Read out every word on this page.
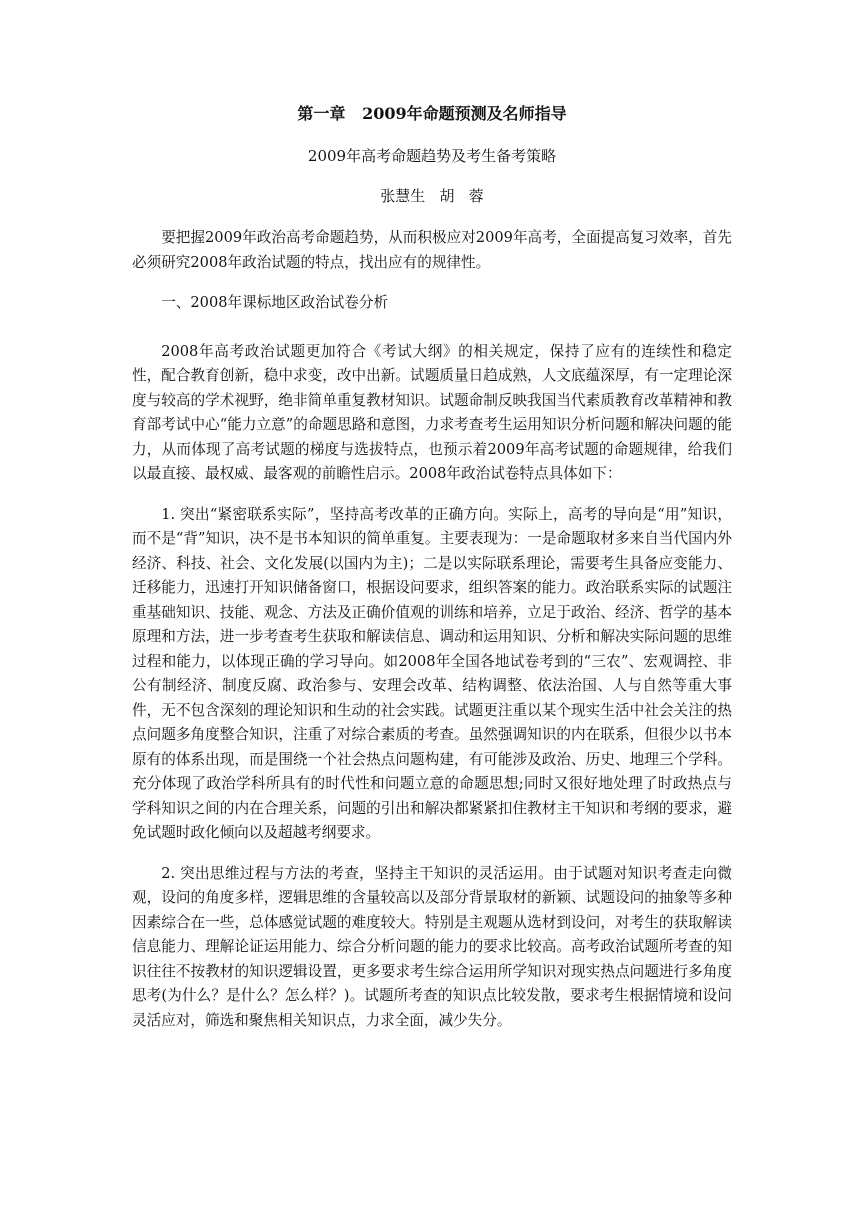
第一章   2009年命题预测及名师指导
2009年高考命题趋势及考生备考策略
张慧生   胡   蓉

要把握2009年政治高考命题趋势，从而积极应对2009年高考，全面提高复习效率，首先必须研究2008年政治试题的特点，找出应有的规律性。

一、2008年课标地区政治试卷分析

2008年高考政治试题更加符合《考试大纲》的相关规定，保持了应有的连续性和稳定性，配合教育创新，稳中求变，改中出新。试题质量日趋成熟，人文底蕴深厚，有一定理论深度与较高的学术视野，绝非简单重复教材知识。试题命制反映我国当代素质教育改革精神和教育部考试中心“能力立意”的命题思路和意图，力求考查考生运用知识分析问题和解决问题的能力，从而体现了高考试题的梯度与选拔特点，也预示着2009年高考试题的命题规律，给我们以最直接、最权威、最客观的前瞻性启示。2008年政治试卷特点具体如下：

1. 突出“紧密联系实际”，坚持高考改革的正确方向。实际上，高考的导向是“用”知识，而不是“背”知识，决不是书本知识的简单重复。主要表现为：一是命题取材多来自当代国内外经济、科技、社会、文化发展(以国内为主)；二是以实际联系理论，需要考生具备应变能力、迁移能力，迅速打开知识储备窗口，根据设问要求，组织答案的能力。政治联系实际的试题注重基础知识、技能、观念、方法及正确价值观的训练和培养，立足于政治、经济、哲学的基本原理和方法，进一步考查考生获取和解读信息、调动和运用知识、分析和解决实际问题的思维过程和能力，以体现正确的学习导向。如2008年全国各地试卷考到的“三农”、宏观调控、非公有制经济、制度反腐、政治参与、安理会改革、结构调整、依法治国、人与自然等重大事件，无不包含深刻的理论知识和生动的社会实践。试题更注重以某个现实生活中社会关注的热点问题多角度整合知识，注重了对综合素质的考查。虽然强调知识的内在联系，但很少以书本原有的体系出现，而是围绕一个社会热点问题构建，有可能涉及政治、历史、地理三个学科。充分体现了政治学科所具有的时代性和问题立意的命题思想;同时又很好地处理了时政热点与学科知识之间的内在合理关系，问题的引出和解决都紧紧扣住教材主干知识和考纲的要求，避免试题时政化倾向以及超越考纲要求。

2. 突出思维过程与方法的考查，坚持主干知识的灵活运用。由于试题对知识考查走向微观，设问的角度多样，逻辑思维的含量较高以及部分背景取材的新颖、试题设问的抽象等多种因素综合在一些，总体感觉试题的难度较大。特别是主观题从选材到设问，对考生的获取解读信息能力、理解论证运用能力、综合分析问题的能力的要求比较高。高考政治试题所考查的知识往往不按教材的知识逻辑设置，更多要求考生综合运用所学知识对现实热点问题进行多角度思考(为什么？是什么？怎么样？)。试题所考查的知识点比较发散，要求考生根据情境和设问灵活应对，筛选和聚焦相关知识点，力求全面，减少失分。
